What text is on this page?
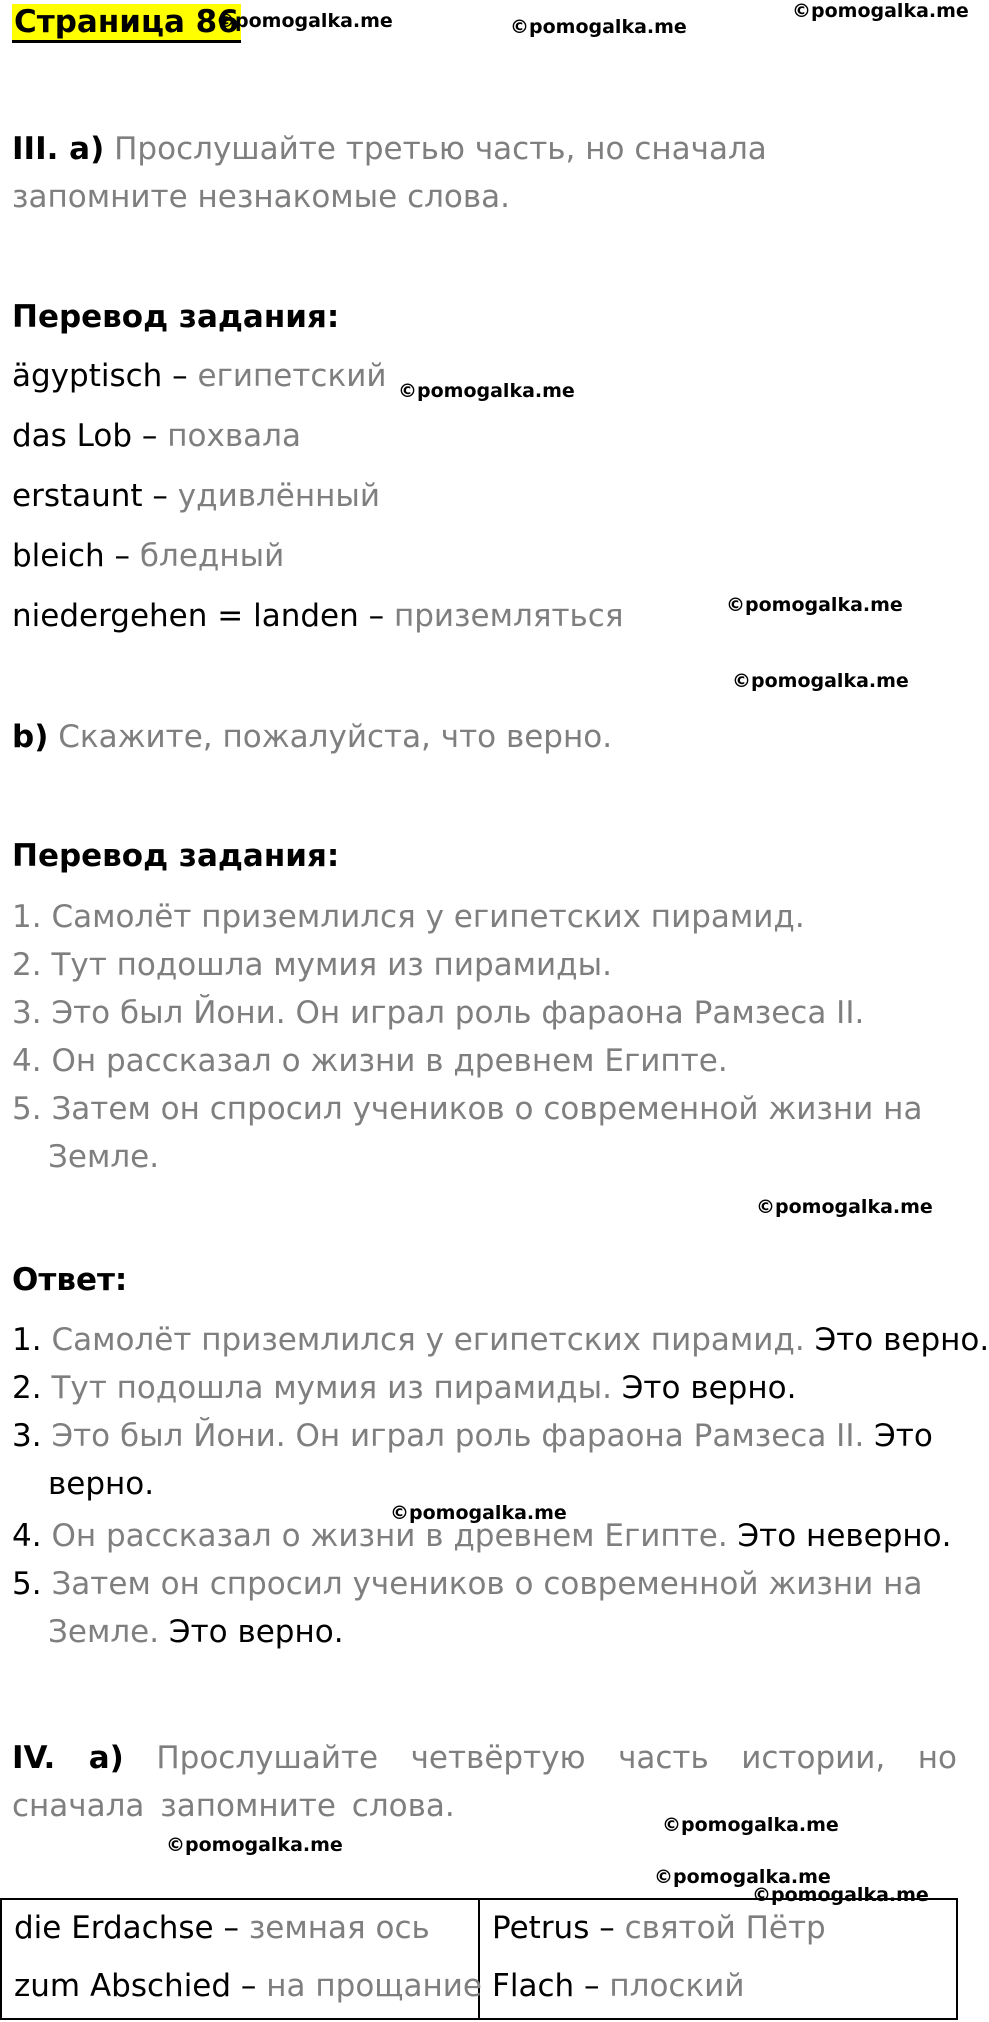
Страница 86
©pomogalka.me	©pomogalka.me
©pomogalka.me
©pomogalka.me
©pomogalka.me
©pomogalka.me
©pomogalka.me
©pomogalka.me
©pomogalka.me
©pomogalka.me
©pomogalka.me
©pomogalka.me
III. a) Прослушайте третью часть, но сначала запомните незнакомые слова.
Перевод задания:
ägyptisch – египетский
das Lob – похвала
erstaunt – удивлённый
bleich – бледный
niedergehen = landen – приземляться
b) Скажите, пожалуйста, что верно.
Перевод задания:
1. Самолёт приземлился у египетских пирамид.
2. Тут подошла мумия из пирамиды.
3. Это был Йони. Он играл роль фараона Рамзеса II.
4. Он рассказал о жизни в древнем Египте.
5. Затем он спросил учеников о современной жизни на
Земле.
Ответ:
1. Самолёт приземлился у египетских пирамид. Это верно.
2. Тут подошла мумия из пирамиды. Это верно.
3. Это был Йони. Он играл роль фараона Рамзеса II. Это
верно.
4. Он рассказал о жизни в древнем Египте. Это неверно.
5. Затем он спросил учеников о современной жизни на
Земле. Это верно.
IV. a) Прослушайте четвёртую часть истории, но сначала запомните слова.
die Erdachse – земная ось
zum Abschied – на прощание
Petrus – святой Пётр
Flach – плоский
